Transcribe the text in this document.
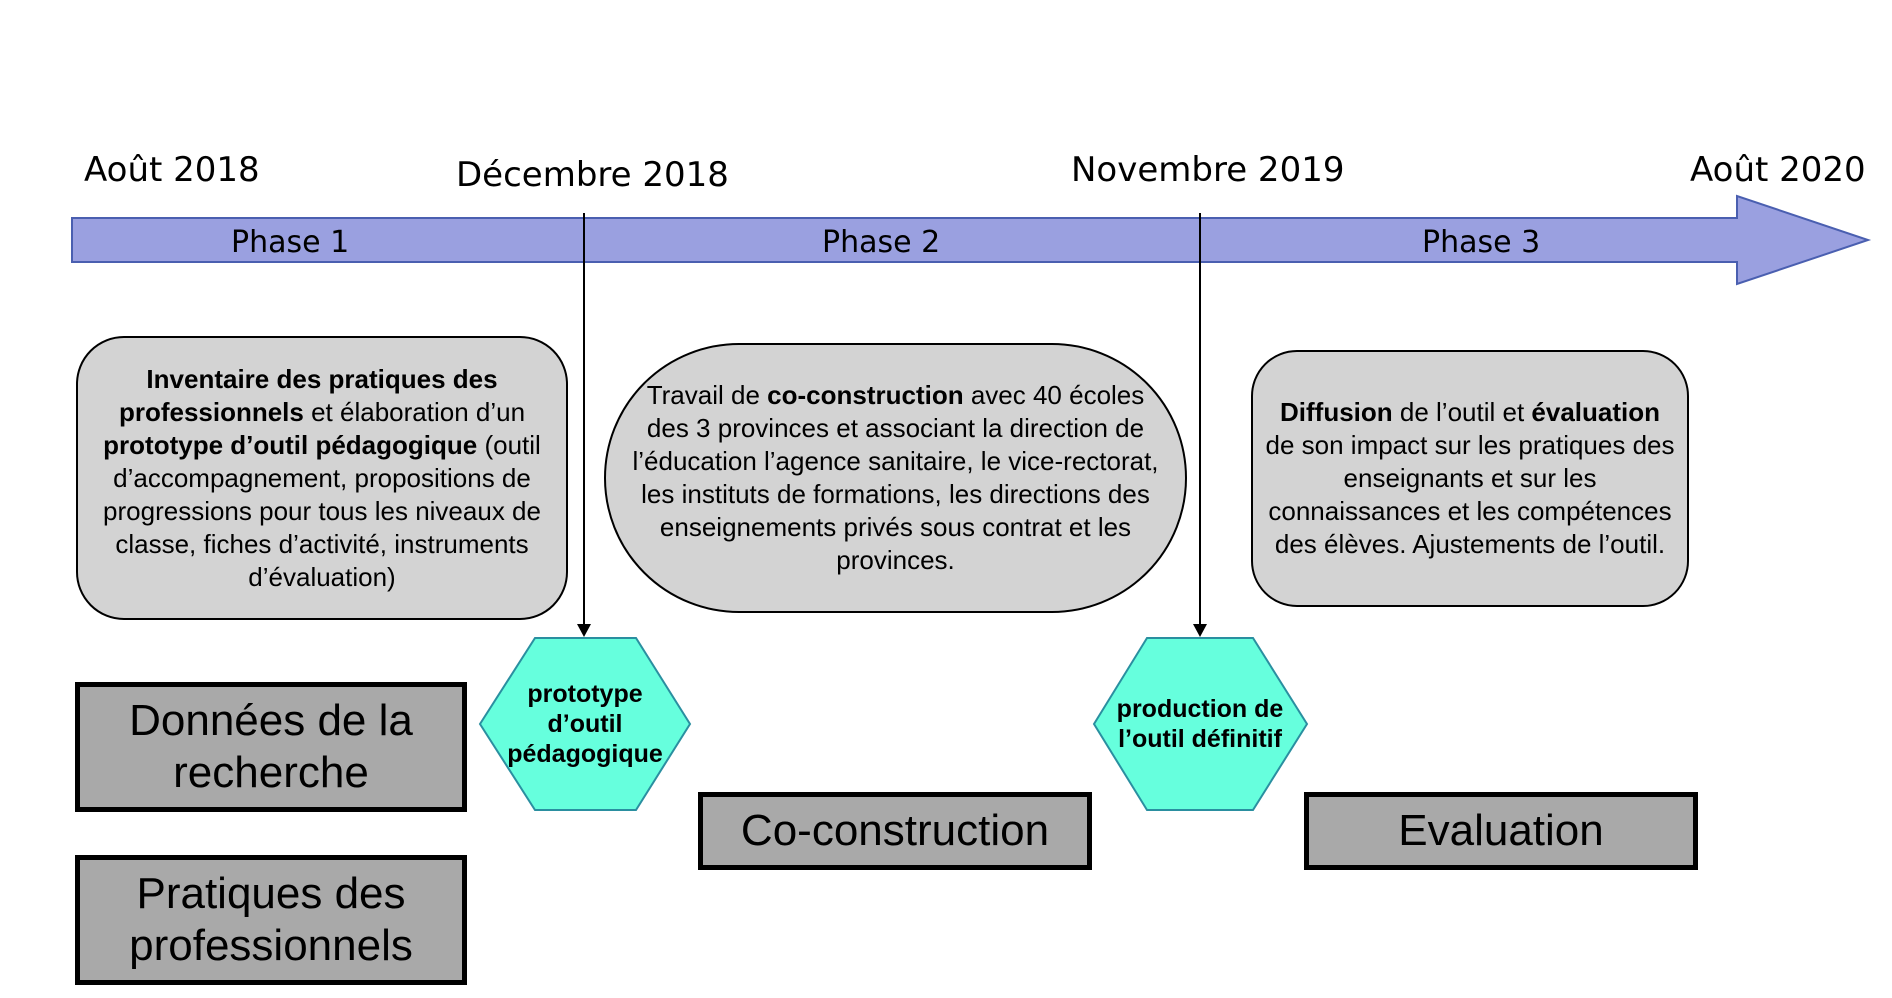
Août 2018	Décembre 2018	Novembre 2019	Août 2020
Phase 1	Phase 2	Phase 3
Inventaire des pratiques des professionnels et élaboration d’un prototype d’outil pédagogique (outil d’accompagnement, propositions de progressions pour tous les niveaux de classe, fiches d’activité, instruments d’évaluation)
Travail de co-construction avec 40 écoles des 3 provinces et associant la direction de l’éducation l’agence sanitaire, le vice-rectorat, les instituts de formations, les directions des enseignements privés sous contrat et les provinces.
Diffusion de l’outil et évaluation de son impact sur les pratiques des enseignants et sur les connaissances et les compétences des élèves. Ajustements de l’outil.
prototype d’outil pédagogique
production de l’outil définitif
Données de la recherche
Pratiques des professionnels
Co-construction	Evaluation
